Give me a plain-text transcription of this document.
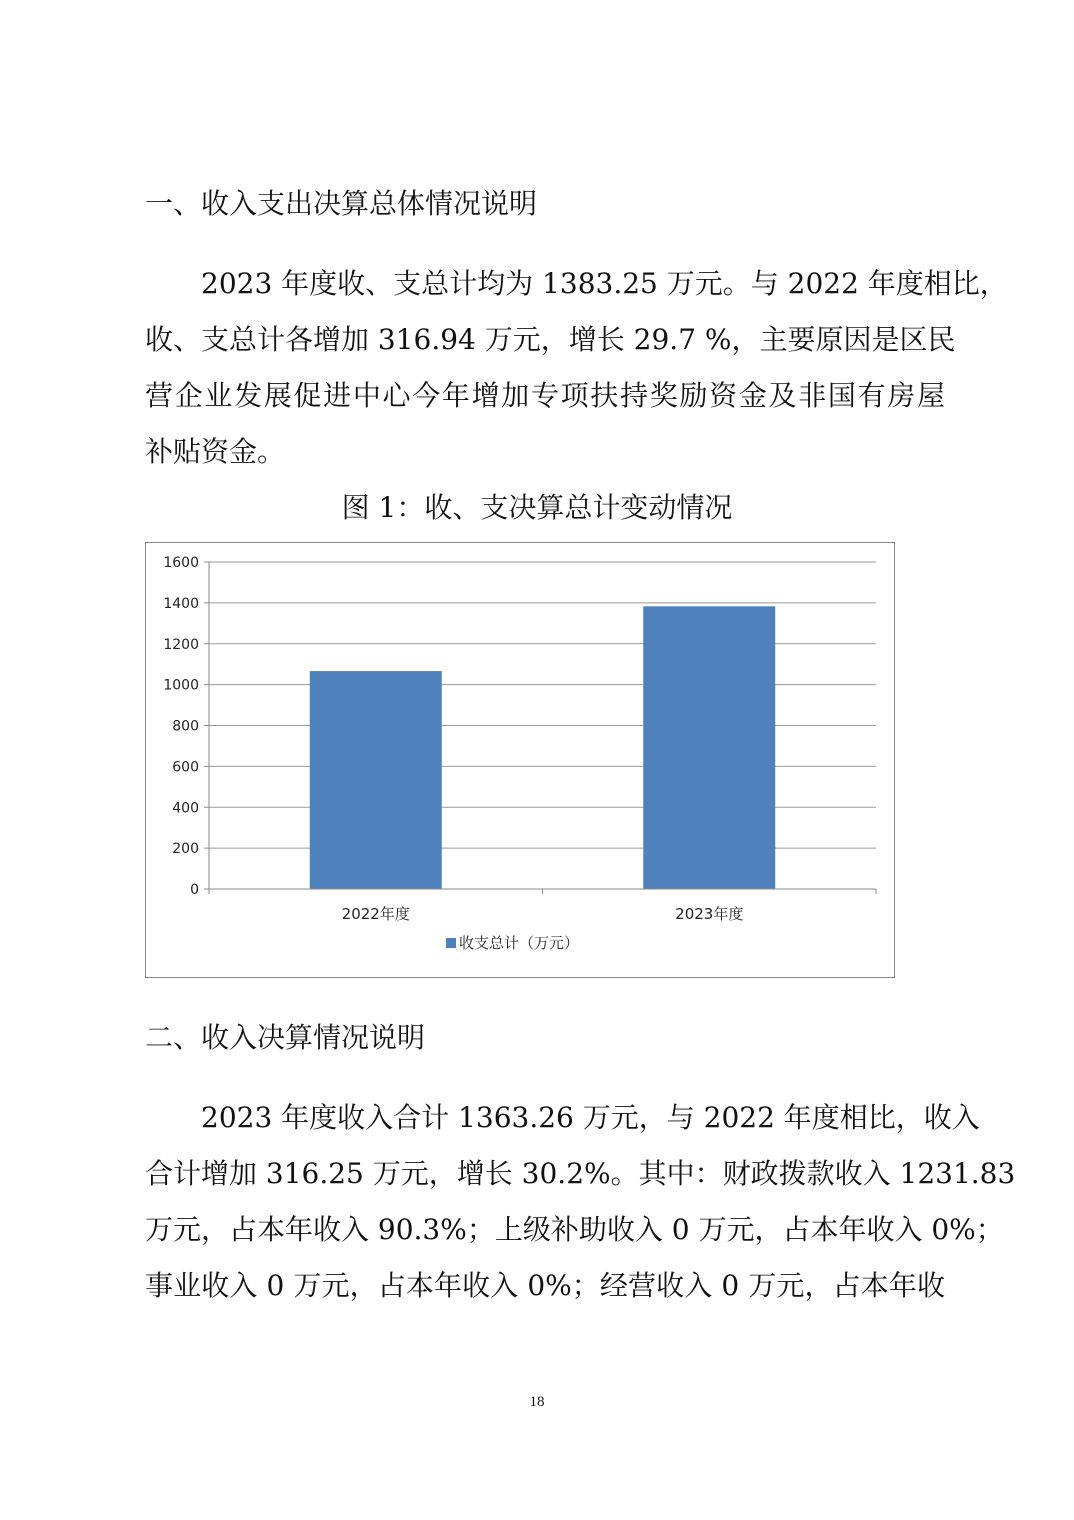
一、收入支出决算总体情况说明
2023 年度收、支总计均为 1383.25 万元。与 2022 年度相比，
收、支总计各增加 316.94 万元，增长 29.7 %，主要原因是区民
营企业发展促进中心今年增加专项扶持奖励资金及非国有房屋
补贴资金。
图 1：收、支决算总计变动情况
0
200
400
600
800
1000
1200
1400
1600
2022年度	2023年度
收支总计（万元）
二、收入决算情况说明
2023 年度收入合计 1363.26 万元，与 2022 年度相比，收入
合计增加 316.25 万元，增长 30.2%。其中：财政拨款收入 1231.83
万元，占本年收入 90.3%；上级补助收入 0 万元，占本年收入 0%；
事业收入 0 万元，占本年收入 0%；经营收入 0 万元，占本年收
18
